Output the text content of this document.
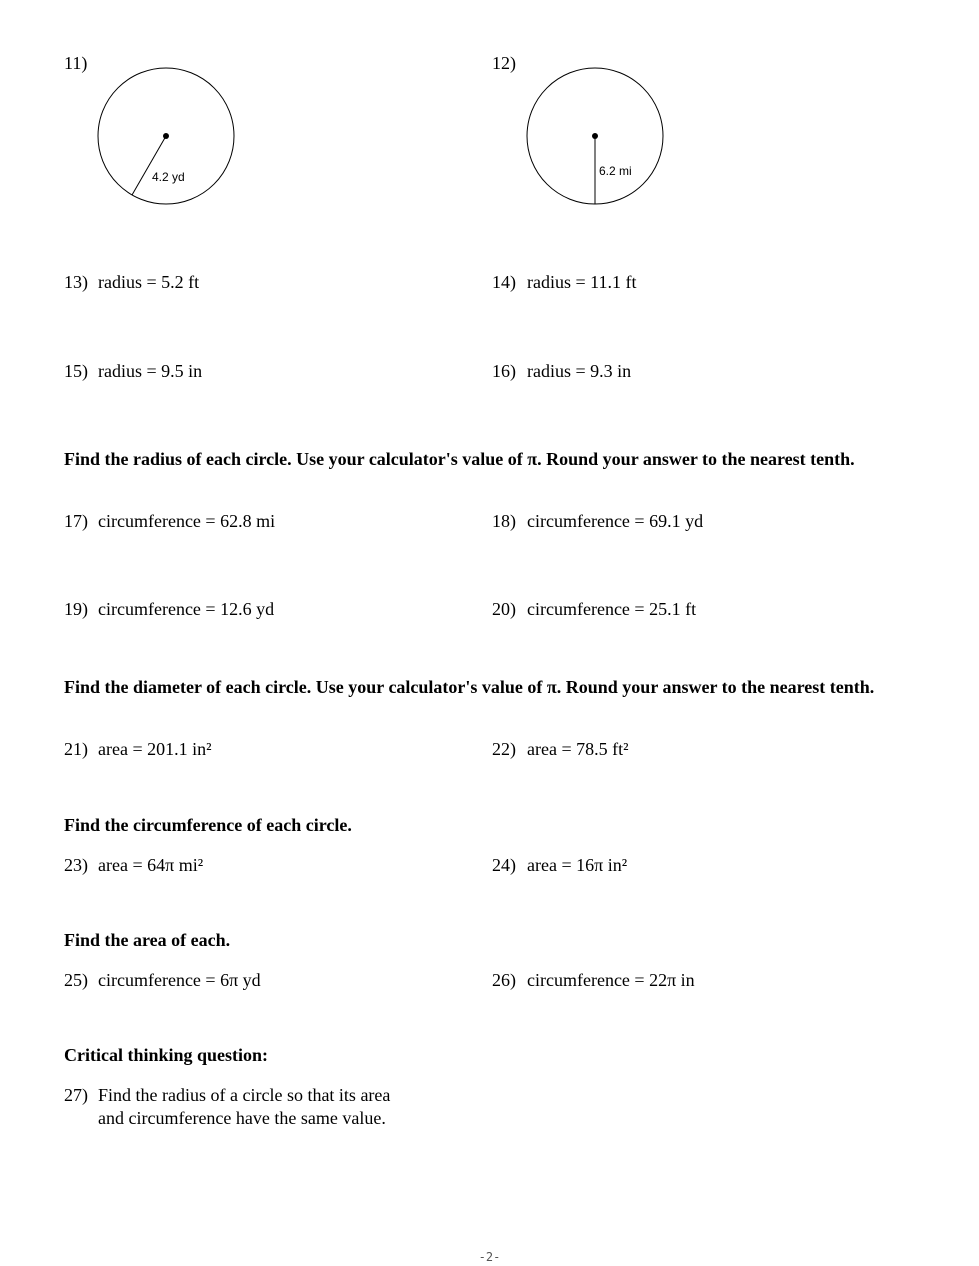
11)
4.2 yd
12)
6.2 mi
13) radius = 5.2 ft	14) radius = 11.1 ft
15) radius = 9.5 in	16) radius = 9.3 in
Find the radius of each circle. Use your calculator's value of π. Round your answer to the nearest tenth.
17) circumference = 62.8 mi	18) circumference = 69.1 yd
19) circumference = 12.6 yd	20) circumference = 25.1 ft
Find the diameter of each circle. Use your calculator's value of π. Round your answer to the nearest tenth.
21) area = 201.1 in²	22) area = 78.5 ft²
Find the circumference of each circle.
23) area = 64π mi²	24) area = 16π in²
Find the area of each.
25) circumference = 6π yd	26) circumference = 22π in
Critical thinking question:
27) Find the radius of a circle so that its area
and circumference have the same value.
-2-
